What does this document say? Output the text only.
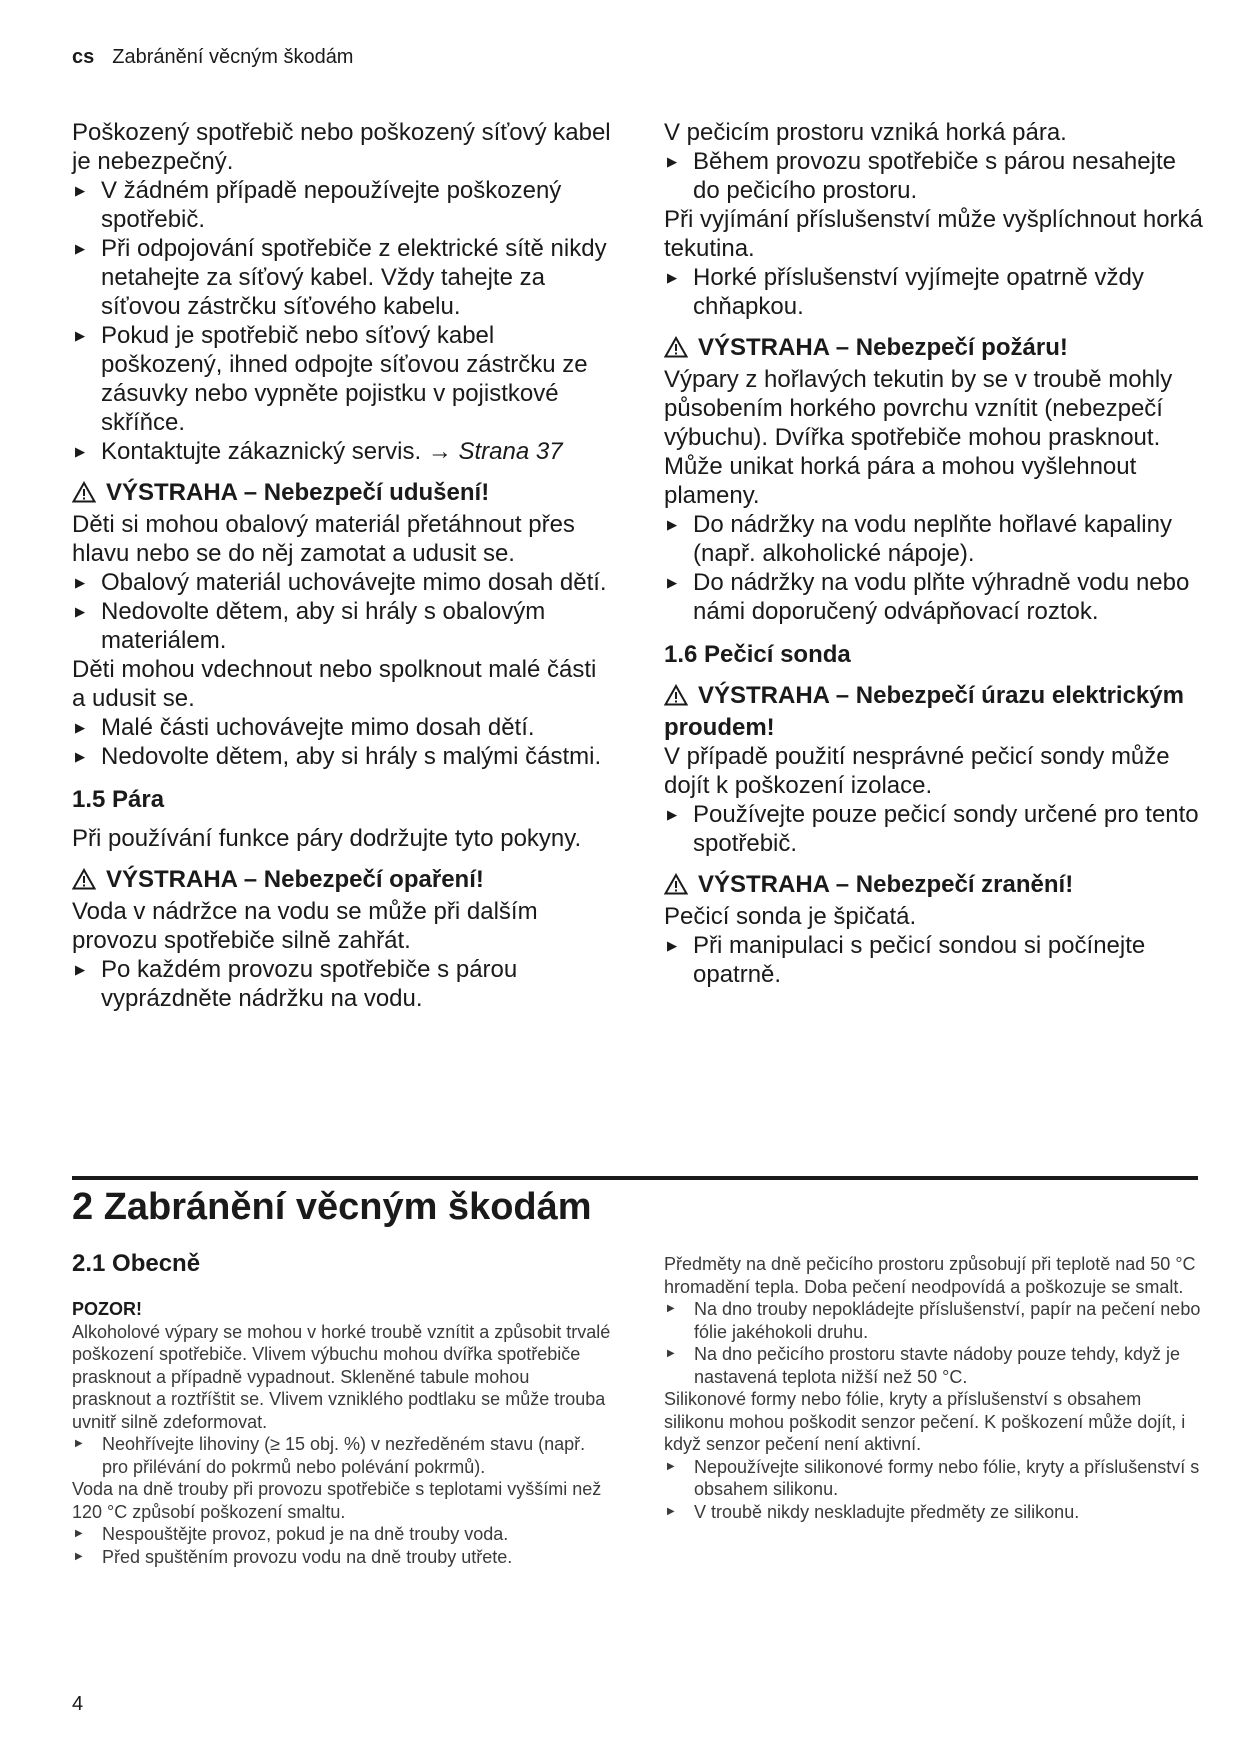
cs Zabránění věcným škodám

Poškozený spotřebič nebo poškozený síťový kabel je nebezpečný.

▶ V žádném případě nepoužívejte poškozený spotřebič.
▶ Při odpojování spotřebiče z elektrické sítě nikdy netahejte za síťový kabel. Vždy tahejte za síťovou zástrčku síťového kabelu.
▶ Pokud je spotřebič nebo síťový kabel poškozený, ihned odpojte síťovou zástrčku ze zásuvky nebo vypněte pojistku v pojistkové skříňce.
▶ Kontaktujte zákaznický servis. → Strana 37
VÝSTRAHA – Nebezpečí udušení!

Děti si mohou obalový materiál přetáhnout přes hlavu nebo se do něj zamotat a udusit se.

▶ Obalový materiál uchovávejte mimo dosah dětí.
▶ Nedovolte dětem, aby si hrály s obalovým materiálem.

Děti mohou vdechnout nebo spolknout malé části a udusit se.

▶ Malé části uchovávejte mimo dosah dětí.
▶ Nedovolte dětem, aby si hrály s malými částmi.
1.5 Pára

Při používání funkce páry dodržujte tyto pokyny.

VÝSTRAHA – Nebezpečí opaření!

Voda v nádržce na vodu se může při dalším provozu spotřebiče silně zahřát.

▶ Po každém provozu spotřebiče s párou vyprázdněte nádržku na vodu.

V pečicím prostoru vzniká horká pára.

▶ Během provozu spotřebiče s párou nesahejte do pečicího prostoru.

Při vyjímání příslušenství může vyšplíchnout horká tekutina.

▶ Horké příslušenství vyjímejte opatrně vždy chňapkou.
VÝSTRAHA – Nebezpečí požáru!

Výpary z hořlavých tekutin by se v troubě mohly působením horkého povrchu vznítit (nebezpečí výbuchu). Dvířka spotřebiče mohou prasknout. Může unikat horká pára a mohou vyšlehnout plameny.

▶ Do nádržky na vodu neplňte hořlavé kapaliny (např. alkoholické nápoje).
▶ Do nádržky na vodu plňte výhradně vodu nebo námi doporučený odvápňovací roztok.
1.6 Pečicí sonda
VÝSTRAHA – Nebezpečí úrazu elektrickým proudem!

V případě použití nesprávné pečicí sondy může dojít k poškození izolace.

▶ Používejte pouze pečicí sondy určené pro tento spotřebič.
VÝSTRAHA – Nebezpečí zranění!

Pečicí sonda je špičatá.

▶ Při manipulaci s pečicí sondou si počínejte opatrně.
2 Zabránění věcným škodám
2.1 Obecně

POZOR!

Alkoholové výpary se mohou v horké troubě vznítit a způsobit trvalé poškození spotřebiče. Vlivem výbuchu mohou dvířka spotřebiče prasknout a případně vypadnout. Skleněné tabule mohou prasknout a roztříštit se. Vlivem vzniklého podtlaku se může trouba uvnitř silně zdeformovat.

▶ Neohřívejte lihoviny (≥ 15 obj. %) v nezředěném stavu (např. pro přilévání do pokrmů nebo polévání pokrmů).

Voda na dně trouby při provozu spotřebiče s teplotami vyššími než 120 °C způsobí poškození smaltu.

▶ Nespouštějte provoz, pokud je na dně trouby voda.
▶ Před spuštěním provozu vodu na dně trouby utřete.

Předměty na dně pečicího prostoru způsobují při teplotě nad 50 °C hromadění tepla. Doba pečení neodpovídá a poškozuje se smalt.

▶ Na dno trouby nepokládejte příslušenství, papír na pečení nebo fólie jakéhokoli druhu.
▶ Na dno pečicího prostoru stavte nádoby pouze tehdy, když je nastavená teplota nižší než 50 °C.

Silikonové formy nebo fólie, kryty a příslušenství s obsahem silikonu mohou poškodit senzor pečení. K poškození může dojít, i když senzor pečení není aktivní.

▶ Nepoužívejte silikonové formy nebo fólie, kryty a příslušenství s obsahem silikonu.
▶ V troubě nikdy neskladujte předměty ze silikonu.
4
